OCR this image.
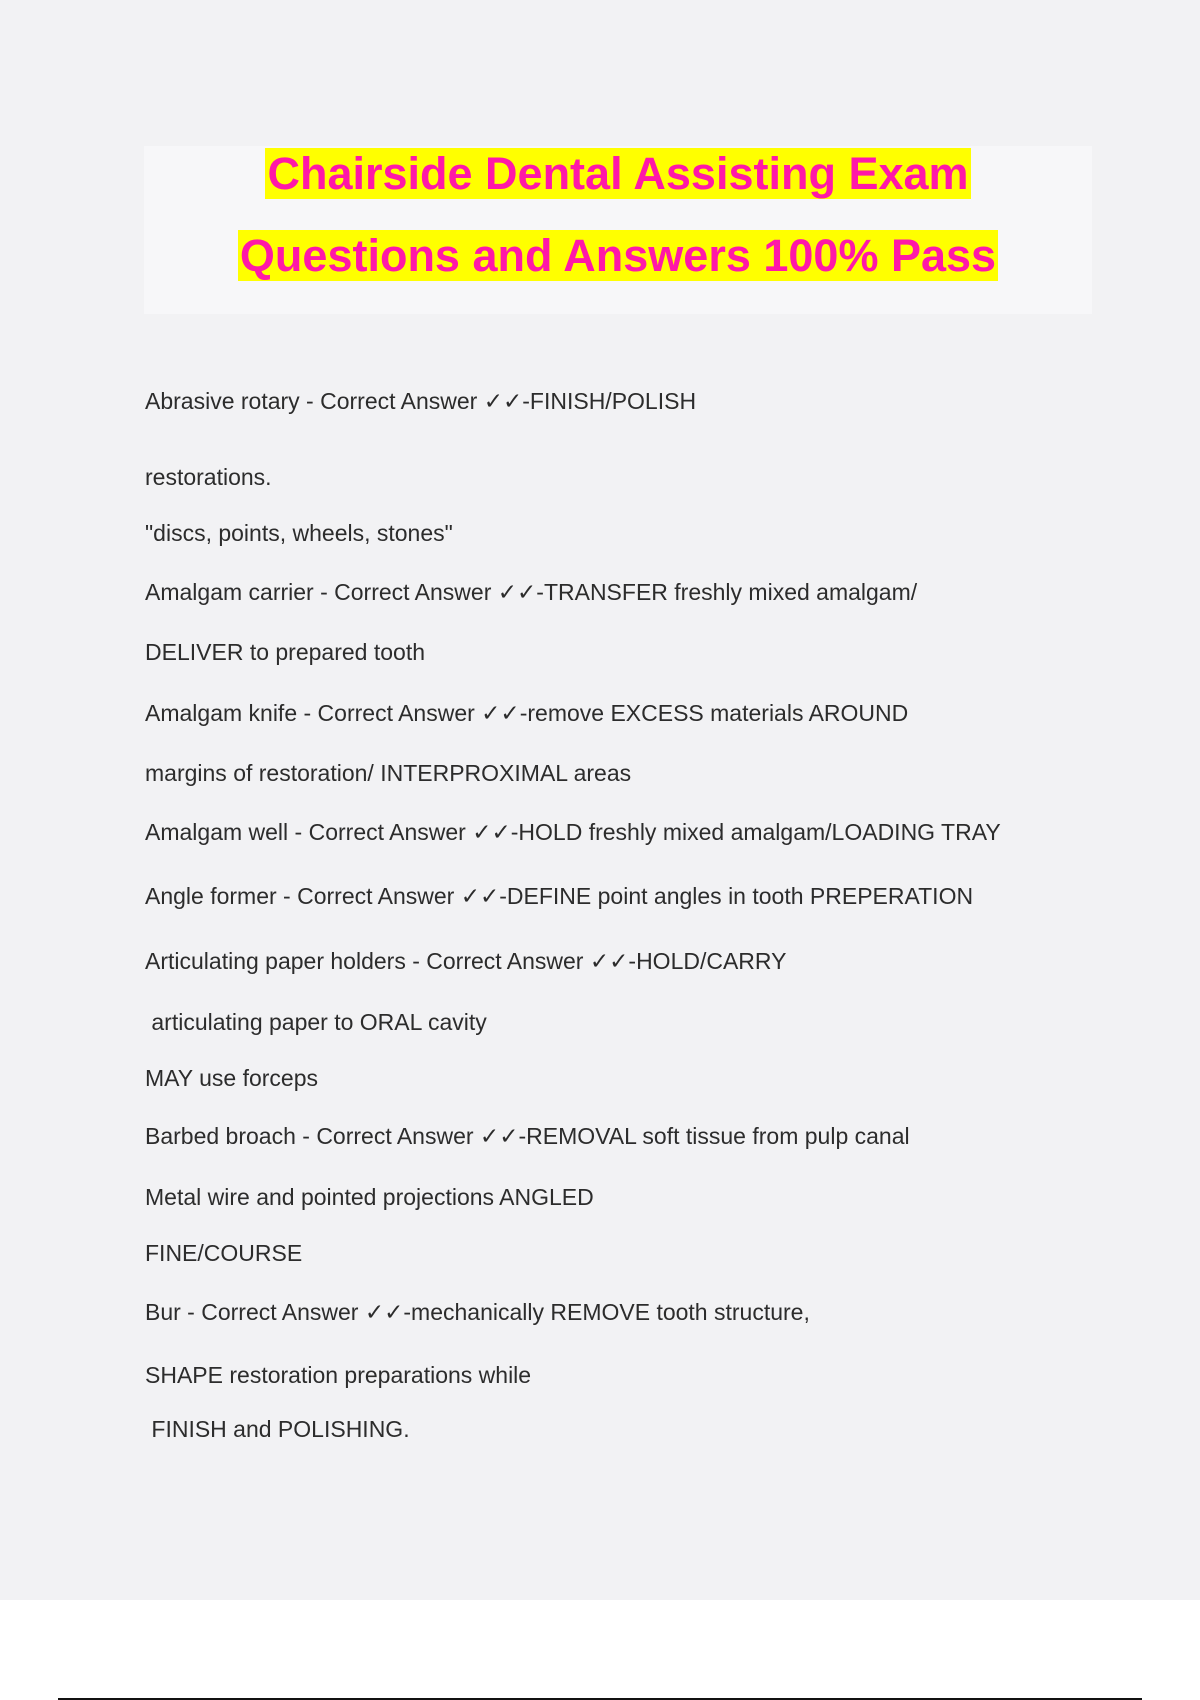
Chairside Dental Assisting Exam
Questions and Answers 100% Pass
Abrasive rotary - Correct Answer ✓✓-FINISH/POLISH
restorations.
"discs, points, wheels, stones"
Amalgam carrier - Correct Answer ✓✓-TRANSFER freshly mixed amalgam/
DELIVER to prepared tooth
Amalgam knife - Correct Answer ✓✓-remove EXCESS materials AROUND
margins of restoration/ INTERPROXIMAL areas
Amalgam well - Correct Answer ✓✓-HOLD freshly mixed amalgam/LOADING TRAY
Angle former - Correct Answer ✓✓-DEFINE point angles in tooth PREPERATION
Articulating paper holders - Correct Answer ✓✓-HOLD/CARRY
articulating paper to ORAL cavity
MAY use forceps
Barbed broach - Correct Answer ✓✓-REMOVAL soft tissue from pulp canal
Metal wire and pointed projections ANGLED
FINE/COURSE
Bur - Correct Answer ✓✓-mechanically REMOVE tooth structure,
SHAPE restoration preparations while
FINISH and POLISHING.
